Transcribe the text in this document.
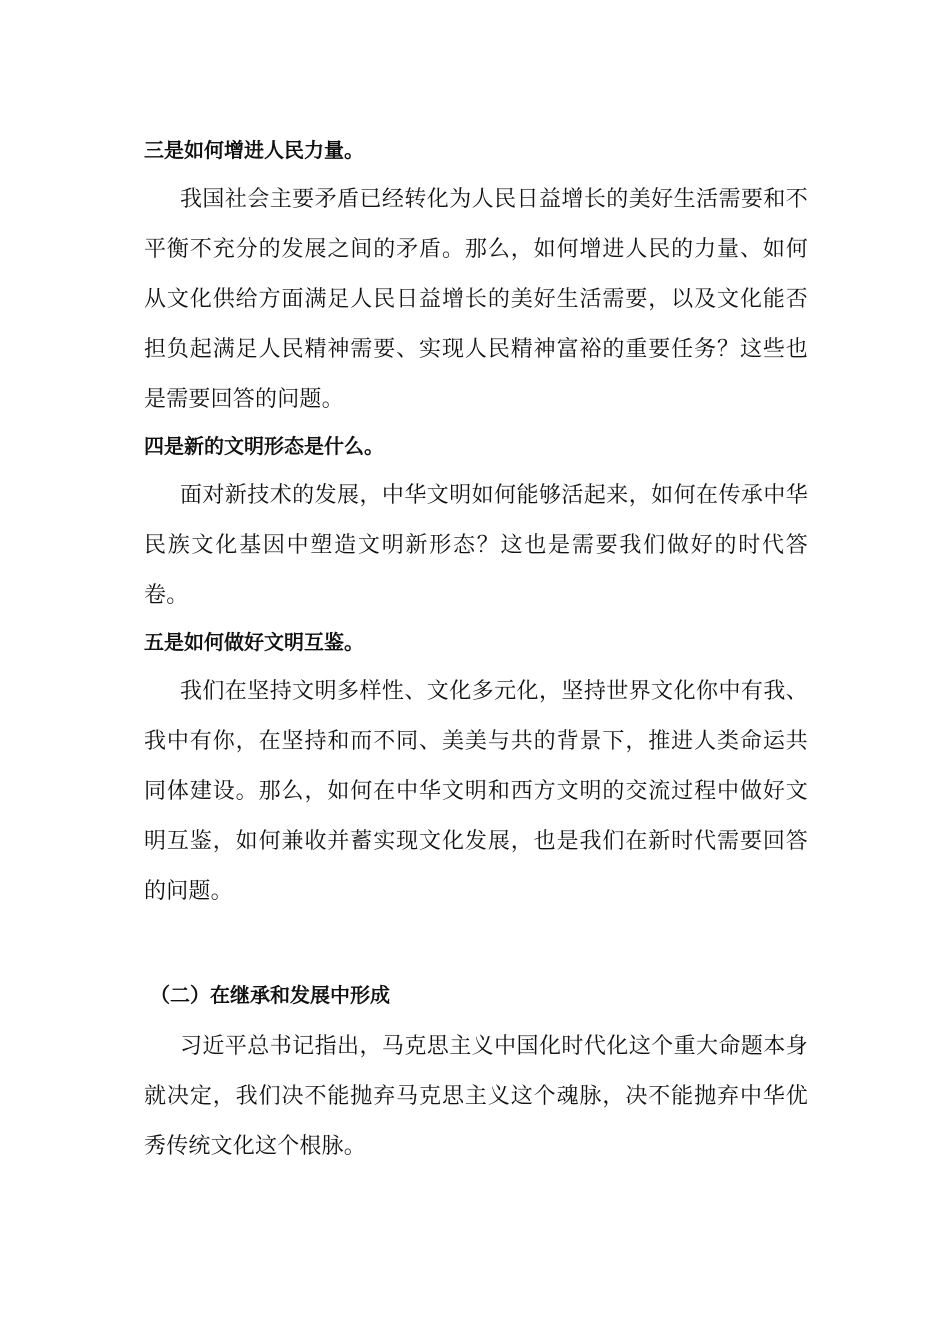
三是如何增进人民力量。

我国社会主要矛盾已经转化为人民日益增长的美好生活需要和不平衡不充分的发展之间的矛盾。那么，如何增进人民的力量、如何从文化供给方面满足人民日益增长的美好生活需要，以及文化能否担负起满足人民精神需要、实现人民精神富裕的重要任务？这些也是需要回答的问题。

四是新的文明形态是什么。

面对新技术的发展，中华文明如何能够活起来，如何在传承中华民族文化基因中塑造文明新形态？这也是需要我们做好的时代答卷。

五是如何做好文明互鉴。

我们在坚持文明多样性、文化多元化，坚持世界文化你中有我、我中有你，在坚持和而不同、美美与共的背景下，推进人类命运共同体建设。那么，如何在中华文明和西方文明的交流过程中做好文明互鉴，如何兼收并蓄实现文化发展，也是我们在新时代需要回答的问题。

（二）在继承和发展中形成

习近平总书记指出，马克思主义中国化时代化这个重大命题本身就决定，我们决不能抛弃马克思主义这个魂脉，决不能抛弃中华优秀传统文化这个根脉。
